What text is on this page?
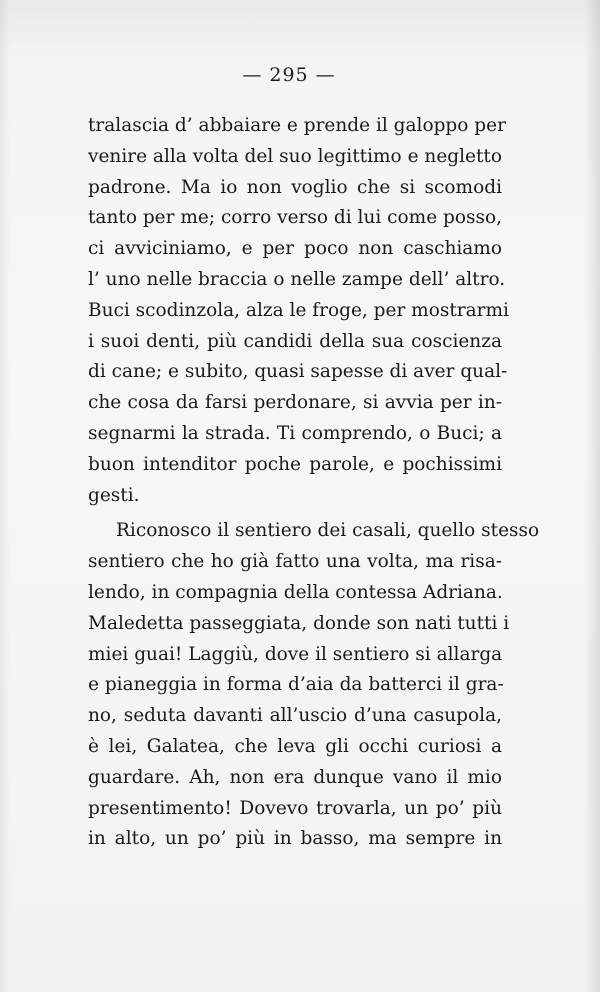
— 295 —
tralascia d’ abbaiare e prende il galoppo per
venire alla volta del suo legittimo e negletto
padrone. Ma io non voglio che si scomodi
tanto per me; corro verso di lui come posso,
ci avviciniamo, e per poco non caschiamo
l’ uno nelle braccia o nelle zampe dell’ altro.
Buci scodinzola, alza le froge, per mostrarmi
i suoi denti, più candidi della sua coscienza
di cane; e subito, quasi sapesse di aver qual-
che cosa da farsi perdonare, si avvia per in-
segnarmi la strada. Ti comprendo, o Buci; a
buon intenditor poche parole, e pochissimi
gesti.
Riconosco il sentiero dei casali, quello stesso
sentiero che ho già fatto una volta, ma risa-
lendo, in compagnia della contessa Adriana.
Maledetta passeggiata, donde son nati tutti i
miei guai! Laggiù, dove il sentiero si allarga
e pianeggia in forma d’aia da batterci il gra-
no, seduta davanti all’uscio d’una casupola,
è lei, Galatea, che leva gli occhi curiosi a
guardare. Ah, non era dunque vano il mio
presentimento! Dovevo trovarla, un po’ più
in alto, un po’ più in basso, ma sempre in
